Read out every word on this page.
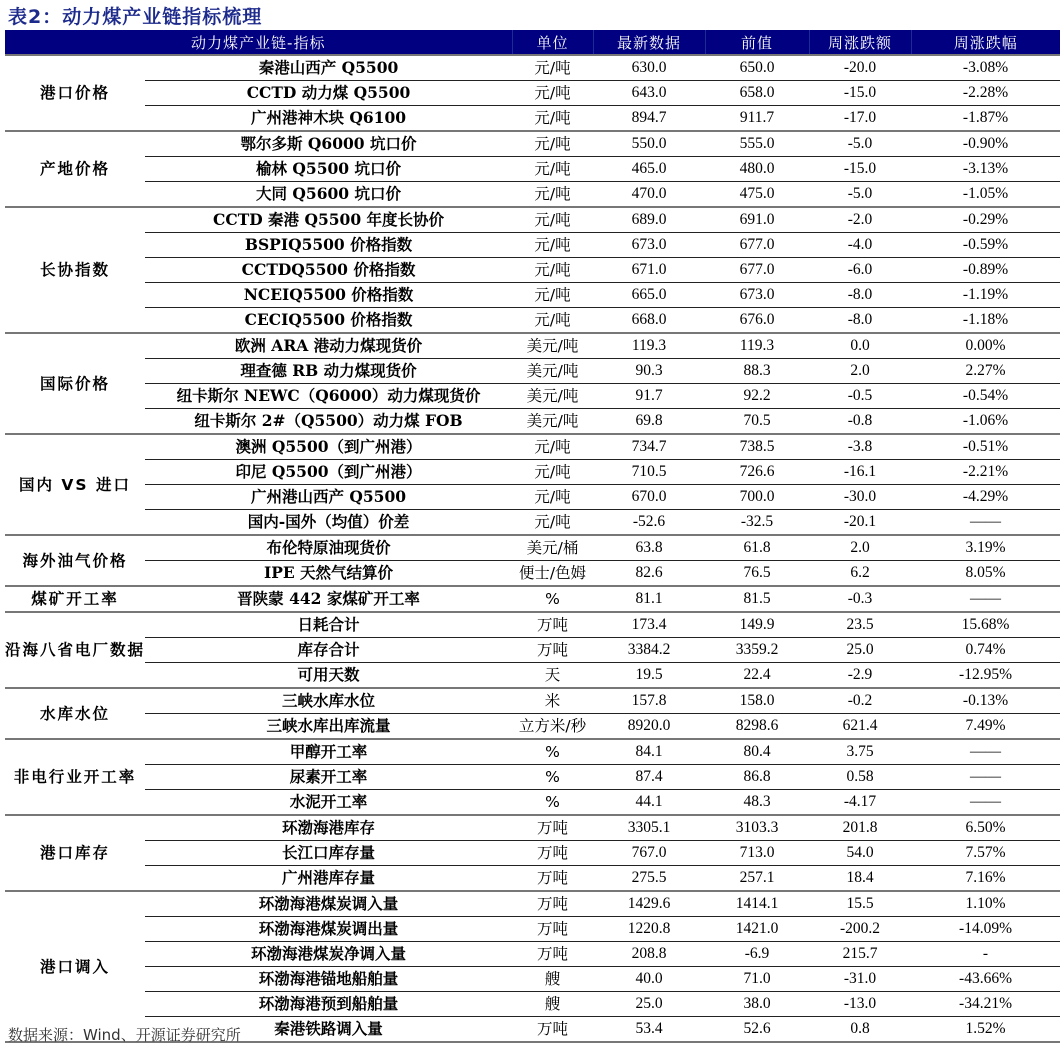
表2：动力煤产业链指标梳理
动力煤产业链-指标		单位	最新数据	前值	周涨跌额	周涨跌幅
港口价格	秦港山西产 Q5500	元/吨	630.0	650.0	-20.0	-3.08%
	CCTD 动力煤 Q5500	元/吨	643.0	658.0	-15.0	-2.28%
	广州港神木块 Q6100	元/吨	894.7	911.7	-17.0	-1.87%
产地价格	鄂尔多斯 Q6000 坑口价	元/吨	550.0	555.0	-5.0	-0.90%
	榆林 Q5500 坑口价	元/吨	465.0	480.0	-15.0	-3.13%
	大同 Q5600 坑口价	元/吨	470.0	475.0	-5.0	-1.05%
长协指数	CCTD 秦港 Q5500 年度长协价	元/吨	689.0	691.0	-2.0	-0.29%
	BSPIQ5500 价格指数	元/吨	673.0	677.0	-4.0	-0.59%
	CCTDQ5500 价格指数	元/吨	671.0	677.0	-6.0	-0.89%
	NCEIQ5500 价格指数	元/吨	665.0	673.0	-8.0	-1.19%
	CECIQ5500 价格指数	元/吨	668.0	676.0	-8.0	-1.18%
国际价格	欧洲 ARA 港动力煤现货价	美元/吨	119.3	119.3	0.0	0.00%
	理查德 RB 动力煤现货价	美元/吨	90.3	88.3	2.0	2.27%
	纽卡斯尔 NEWC（Q6000）动力煤现货价	美元/吨	91.7	92.2	-0.5	-0.54%
	纽卡斯尔 2#（Q5500）动力煤 FOB	美元/吨	69.8	70.5	-0.8	-1.06%
国内 VS 进口	澳洲 Q5500（到广州港）	元/吨	734.7	738.5	-3.8	-0.51%
	印尼 Q5500（到广州港）	元/吨	710.5	726.6	-16.1	-2.21%
	广州港山西产 Q5500	元/吨	670.0	700.0	-30.0	-4.29%
	国内-国外（均值）价差	元/吨	-52.6	-32.5	-20.1	——
海外油气价格	布伦特原油现货价	美元/桶	63.8	61.8	2.0	3.19%
	IPE 天然气结算价	便士/色姆	82.6	76.5	6.2	8.05%
煤矿开工率	晋陕蒙 442 家煤矿开工率	%	81.1	81.5	-0.3	——
沿海八省电厂数据	日耗合计	万吨	173.4	149.9	23.5	15.68%
	库存合计	万吨	3384.2	3359.2	25.0	0.74%
	可用天数	天	19.5	22.4	-2.9	-12.95%
水库水位	三峡水库水位	米	157.8	158.0	-0.2	-0.13%
	三峡水库出库流量	立方米/秒	8920.0	8298.6	621.4	7.49%
非电行业开工率	甲醇开工率	%	84.1	80.4	3.75	——
	尿素开工率	%	87.4	86.8	0.58	——
	水泥开工率	%	44.1	48.3	-4.17	——
港口库存	环渤海港库存	万吨	3305.1	3103.3	201.8	6.50%
	长江口库存量	万吨	767.0	713.0	54.0	7.57%
	广州港库存量	万吨	275.5	257.1	18.4	7.16%
港口调入	环渤海港煤炭调入量	万吨	1429.6	1414.1	15.5	1.10%
	环渤海港煤炭调出量	万吨	1220.8	1421.0	-200.2	-14.09%
	环渤海港煤炭净调入量	万吨	208.8	-6.9	215.7	-
	环渤海港锚地船舶量	艘	40.0	71.0	-31.0	-43.66%
	环渤海港预到船舶量	艘	25.0	38.0	-13.0	-34.21%
	秦港铁路调入量	万吨	53.4	52.6	0.8	1.52%
数据来源：Wind、开源证券研究所
